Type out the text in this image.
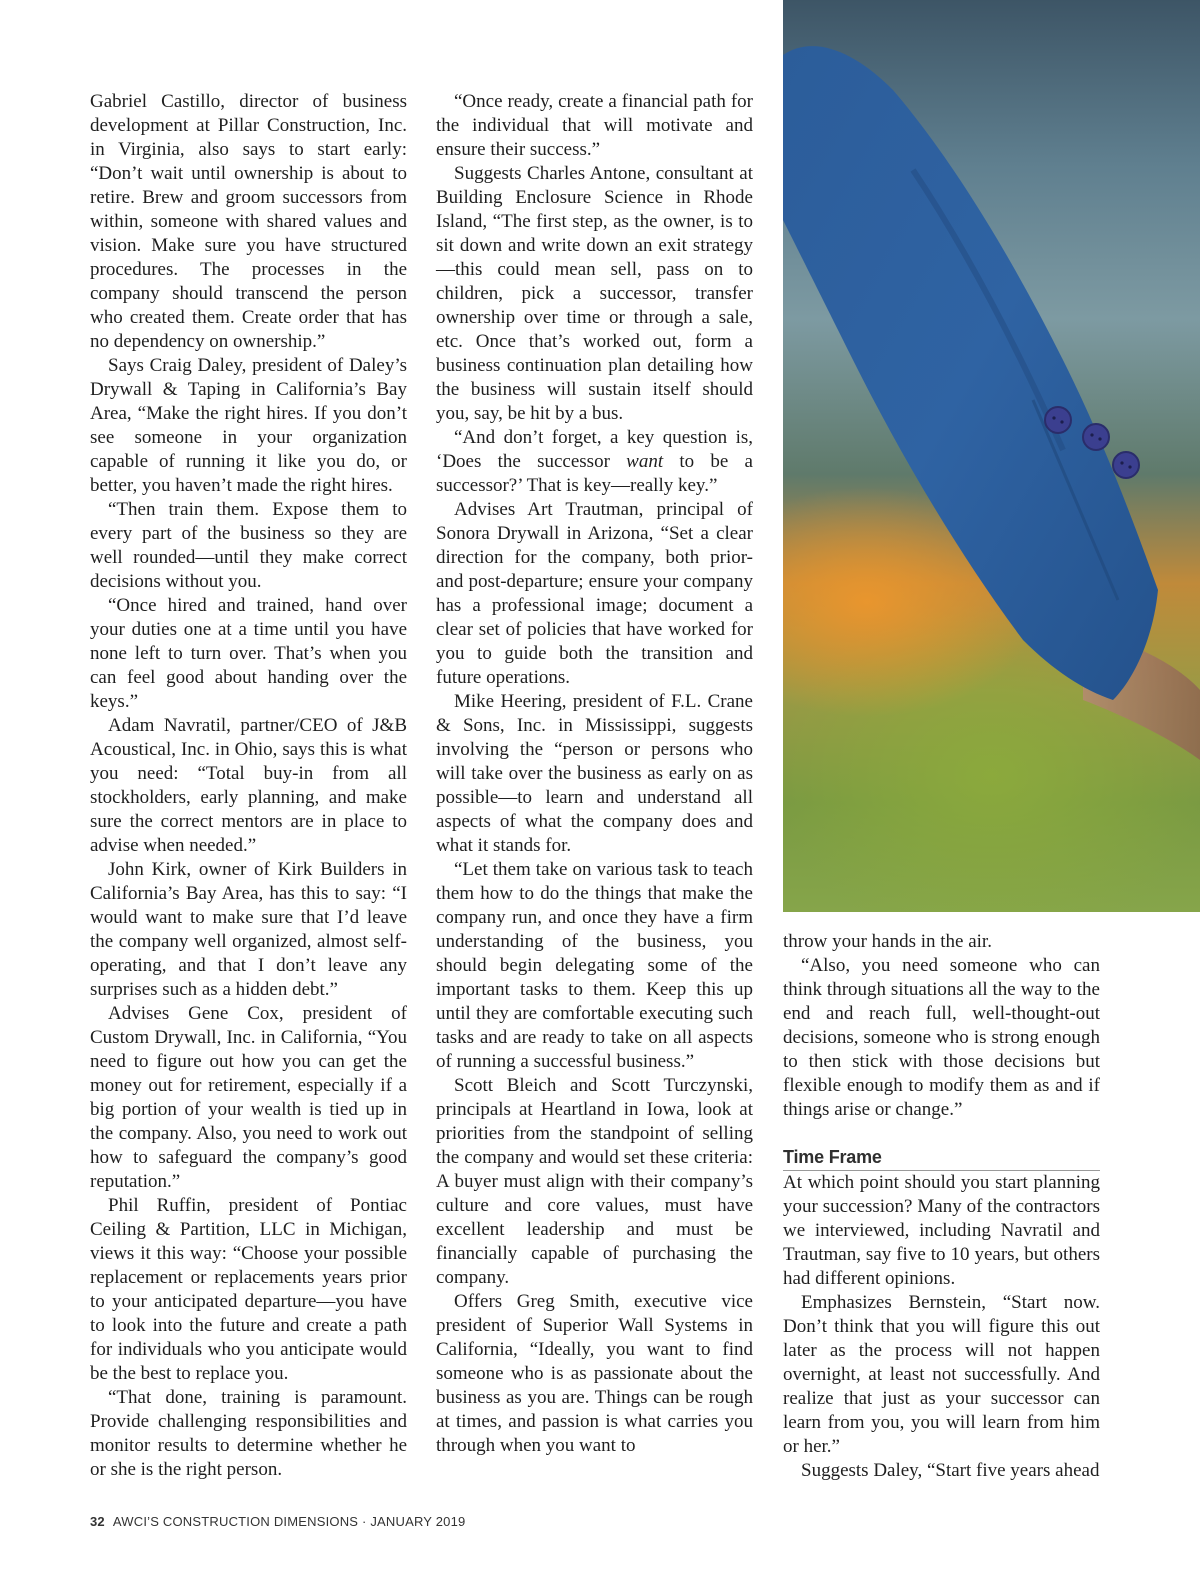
Gabriel Castillo, director of business development at Pillar Construction, Inc. in Virginia, also says to start early: “Don’t wait until ownership is about to retire. Brew and groom successors from within, someone with shared values and vision. Make sure you have structured procedures. The processes in the company should transcend the person who created them. Create order that has no dependency on ownership.”

Says Craig Daley, president of Daley’s Drywall & Taping in California’s Bay Area, “Make the right hires. If you don’t see someone in your organization capable of running it like you do, or better, you haven’t made the right hires.

“Then train them. Expose them to every part of the business so they are well rounded—until they make correct decisions without you.

“Once hired and trained, hand over your duties one at a time until you have none left to turn over. That’s when you can feel good about handing over the keys.”

Adam Navratil, partner/CEO of J&B Acoustical, Inc. in Ohio, says this is what you need: “Total buy-in from all stockholders, early planning, and make sure the correct mentors are in place to advise when needed.”

John Kirk, owner of Kirk Builders in California’s Bay Area, has this to say: “I would want to make sure that I’d leave the company well organized, almost self-operating, and that I don’t leave any surprises such as a hidden debt.”

Advises Gene Cox, president of Custom Drywall, Inc. in California, “You need to figure out how you can get the money out for retirement, especially if a big portion of your wealth is tied up in the company. Also, you need to work out how to safeguard the company’s good reputation.”

Phil Ruffin, president of Pontiac Ceiling & Partition, LLC in Michigan, views it this way: “Choose your possible replacement or replacements years prior to your anticipated departure—you have to look into the future and create a path for individuals who you anticipate would be the best to replace you.

“That done, training is paramount. Provide challenging responsibilities and monitor results to determine whether he or she is the right person.

“Once ready, create a financial path for the individual that will motivate and ensure their success.”

Suggests Charles Antone, consultant at Building Enclosure Science in Rhode Island, “The first step, as the owner, is to sit down and write down an exit strategy—this could mean sell, pass on to children, pick a successor, transfer ownership over time or through a sale, etc. Once that’s worked out, form a business continuation plan detailing how the business will sustain itself should you, say, be hit by a bus.

“And don’t forget, a key question is, ‘Does the successor want to be a successor?’ That is key—really key.”

Advises Art Trautman, principal of Sonora Drywall in Arizona, “Set a clear direction for the company, both prior- and post-departure; ensure your company has a professional image; document a clear set of policies that have worked for you to guide both the transition and future operations.

Mike Heering, president of F.L. Crane & Sons, Inc. in Mississippi, suggests involving the “person or persons who will take over the business as early on as possible—to learn and understand all aspects of what the company does and what it stands for.

“Let them take on various task to teach them how to do the things that make the company run, and once they have a firm understanding of the business, you should begin delegating some of the important tasks to them. Keep this up until they are comfortable executing such tasks and are ready to take on all aspects of running a successful business.”

Scott Bleich and Scott Turczynski, principals at Heartland in Iowa, look at priorities from the standpoint of selling the company and would set these criteria: A buyer must align with their company’s culture and core values, must have excellent leadership and must be financially capable of purchasing the company.

Offers Greg Smith, executive vice president of Superior Wall Systems in California, “Ideally, you want to find someone who is as passionate about the business as you are. Things can be rough at times, and passion is what carries you through when you want to

throw your hands in the air.

“Also, you need someone who can think through situations all the way to the end and reach full, well-thought-out decisions, someone who is strong enough to then stick with those decisions but flexible enough to modify them as and if things arise or change.”

Time Frame

At which point should you start planning your succession? Many of the contractors we interviewed, including Navratil and Trautman, say five to 10 years, but others had different opinions.

Emphasizes Bernstein, “Start now. Don’t think that you will figure this out later as the process will not happen overnight, at least not successfully. And realize that just as your successor can learn from you, you will learn from him or her.”

Suggests Daley, “Start five years ahead

32 AWCI’S CONSTRUCTION DIMENSIONS · JANUARY 2019
